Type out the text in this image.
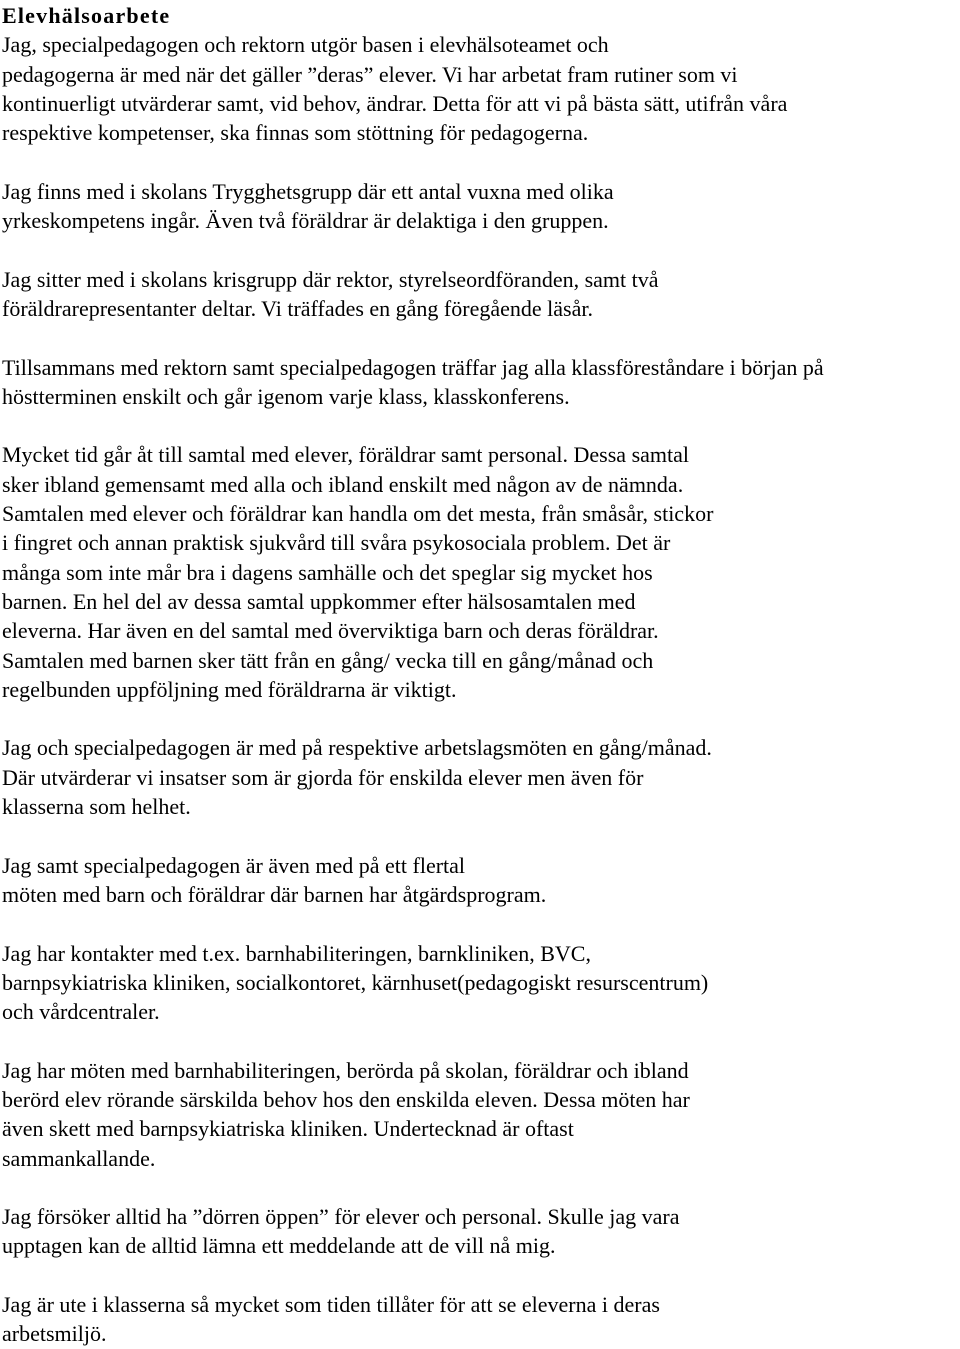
Elevhälsoarbete

Jag, specialpedagogen och rektorn utgör basen i elevhälsoteamet och
pedagogerna är med när det gäller ”deras” elever. Vi har arbetat fram rutiner som vi
kontinuerligt utvärderar samt, vid behov, ändrar. Detta för att vi på bästa sätt, utifrån våra
respektive kompetenser, ska finnas som stöttning för pedagogerna.

Jag finns med i skolans Trygghetsgrupp där ett antal vuxna med olika
yrkeskompetens ingår. Även två föräldrar är delaktiga i den gruppen.

Jag sitter med i skolans krisgrupp där rektor, styrelseordföranden, samt två
föräldrarepresentanter deltar. Vi träffades en gång föregående läsår.

Tillsammans med rektorn samt specialpedagogen träffar jag alla klassföreståndare i början på
höstterminen enskilt och går igenom varje klass, klasskonferens.

Mycket tid går åt till samtal med elever, föräldrar samt personal. Dessa samtal
sker ibland gemensamt med alla och ibland enskilt med någon av de nämnda.
Samtalen med elever och föräldrar kan handla om det mesta, från småsår, stickor
i fingret och annan praktisk sjukvård till svåra psykosociala problem. Det är
många som inte mår bra i dagens samhälle och det speglar sig mycket hos
barnen. En hel del av dessa samtal uppkommer efter hälsosamtalen med
eleverna. Har även en del samtal med överviktiga barn och deras föräldrar.
Samtalen med barnen sker tätt från en gång/ vecka till en gång/månad och
regelbunden uppföljning med föräldrarna är viktigt.

Jag och specialpedagogen är med på respektive arbetslagsmöten en gång/månad.
Där utvärderar vi insatser som är gjorda för enskilda elever men även för
klasserna som helhet.

Jag samt specialpedagogen är även med på ett flertal
möten med barn och föräldrar där barnen har åtgärdsprogram.

Jag har kontakter med t.ex. barnhabiliteringen, barnkliniken, BVC,
barnpsykiatriska kliniken, socialkontoret, kärnhuset(pedagogiskt resurscentrum)
och vårdcentraler.

Jag har möten med barnhabiliteringen, berörda på skolan, föräldrar och ibland
berörd elev rörande särskilda behov hos den enskilda eleven. Dessa möten har
även skett med barnpsykiatriska kliniken. Undertecknad är oftast
sammankallande.

Jag försöker alltid ha ”dörren öppen” för elever och personal. Skulle jag vara
upptagen kan de alltid lämna ett meddelande att de vill nå mig.

Jag är ute i klasserna så mycket som tiden tillåter för att se eleverna i deras
arbetsmiljö.
